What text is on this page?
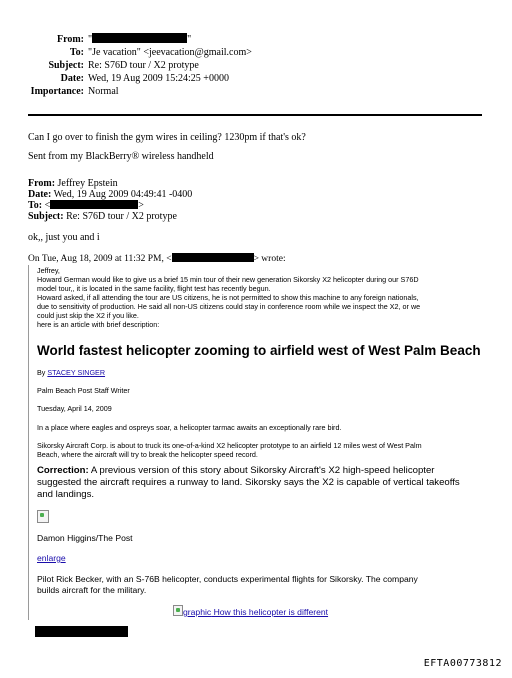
From: "	"
To: "Je vacation" <jeevacation@gmail.com>
Subject: Re: S76D tour / X2 protype
Date: Wed, 19 Aug 2009 15:24:25 +0000
Importance: Normal
Can I go over to finish the gym wires in ceiling? 1230pm if that's ok?
Sent from my BlackBerry® wireless handheld
From: Jeffrey Epstein
Date: Wed, 19 Aug 2009 04:49:41 -0400
To: <	>
Subject: Re: S76D tour / X2 protype
ok,, just you and i
On Tue, Aug 18, 2009 at 11:32 PM, <	> wrote:
Jeffrey,
Howard German would like to give us a brief 15 min tour of their new generation Sikorsky X2 helicopter during our S76D
model tour,, it is located in the same facility, flight test has recently begun.
Howard asked, if all attending the tour are US citizens, he is not permitted to show this machine to any foreign nationals,
due to sensitivity of production. He said all non-US citizens could stay in conference room while we inspect the X2, or we
could just skip the X2 if you like.
here is an article with brief description:
World fastest helicopter zooming to airfield west of West Palm Beach
By STACEY SINGER
Palm Beach Post Staff Writer
Tuesday, April 14, 2009
In a place where eagles and ospreys soar, a helicopter tarmac awaits an exceptionally rare bird.
Sikorsky Aircraft Corp. is about to truck its one-of-a-kind X2 helicopter prototype to an airfield 12 miles west of West Palm
Beach, where the aircraft will try to break the helicopter speed record.
Correction: A previous version of this story about Sikorsky Aircraft's X2 high-speed helicopter
suggested the aircraft requires a runway to land. Sikorsky says the X2 is capable of vertical takeoffs
and landings.
Damon Higgins/The Post
enlarge
Pilot Rick Becker, with an S-76B helicopter, conducts experimental flights for Sikorsky. The company
builds aircraft for the military.
graphic How this helicopter is different
EFTA00773812
